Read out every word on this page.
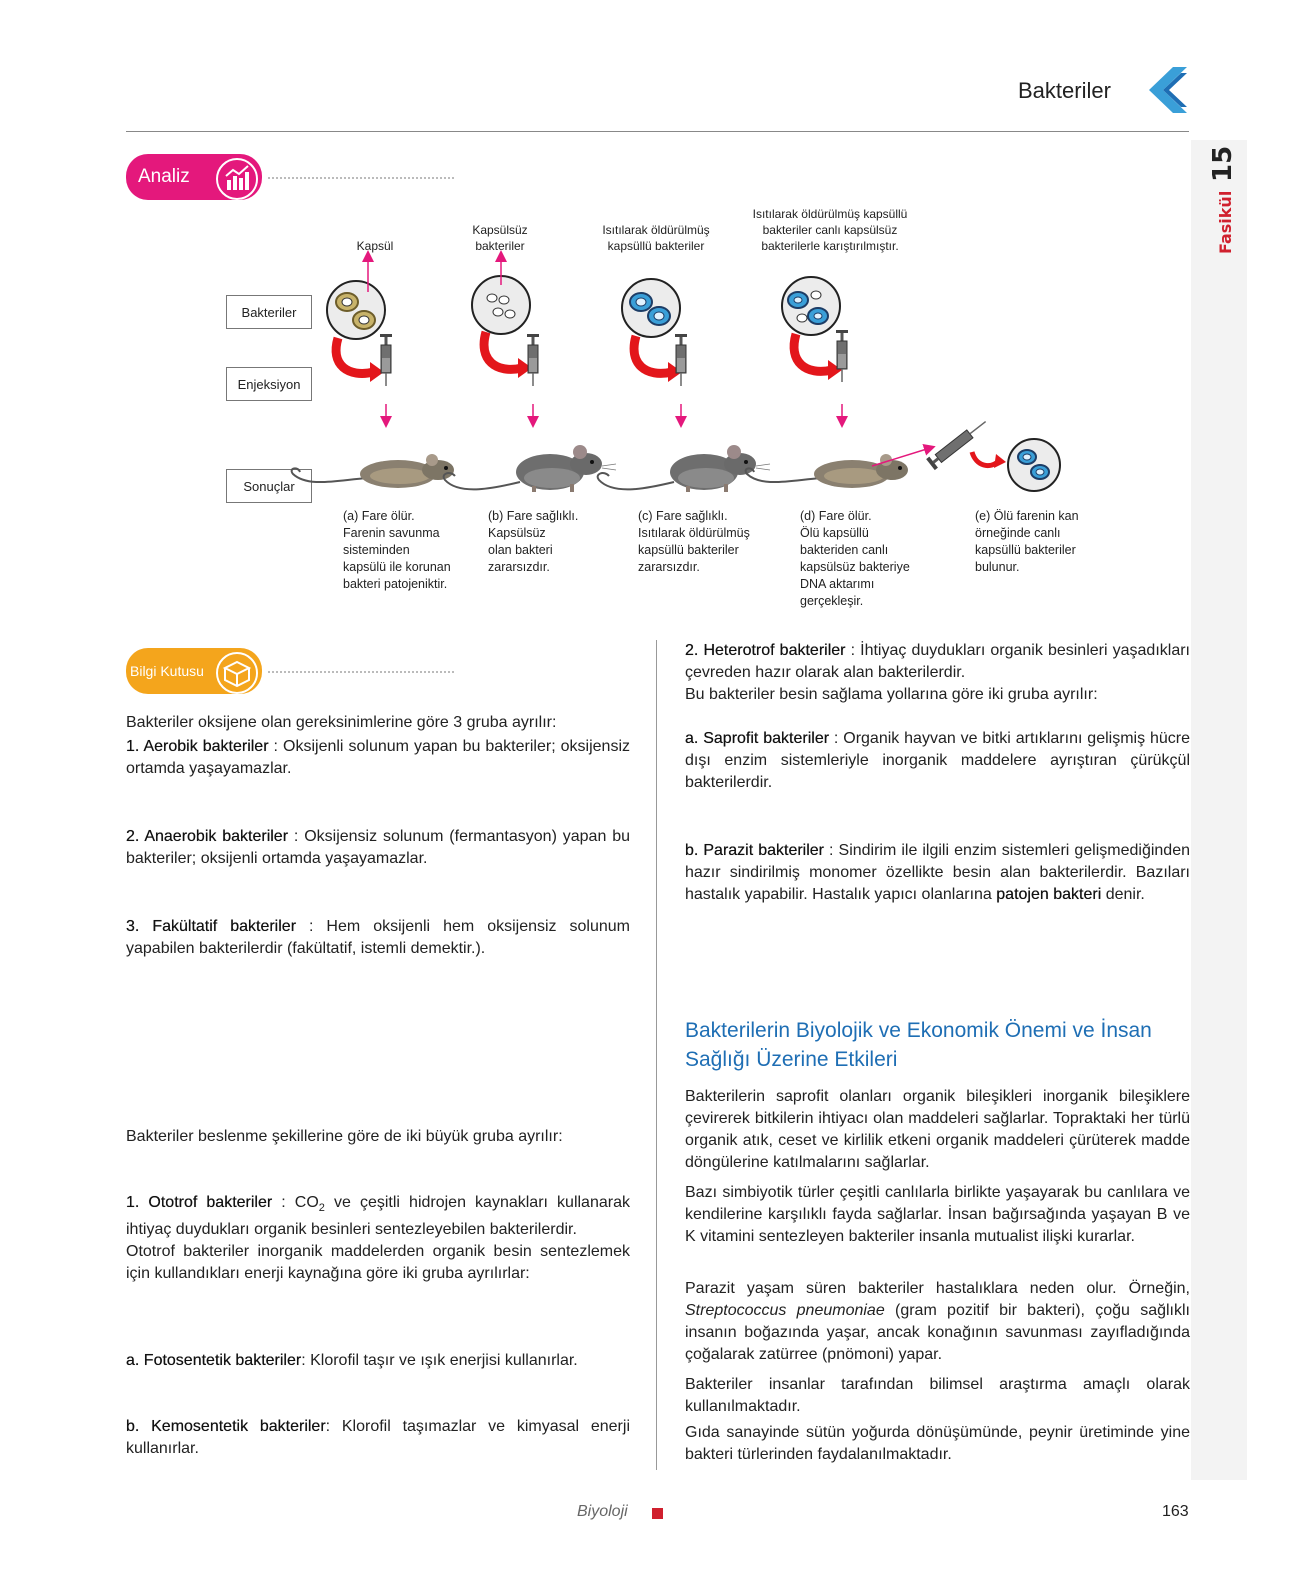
Bakteriler
15
Fasikül
Analiz
Kapsül
Kapsülsüz bakteriler
Isıtılarak öldürülmüş kapsüllü bakteriler
Isıtılarak öldürülmüş kapsüllü bakteriler canlı kapsülsüz bakterilerle karıştırılmıştır.
Bakteriler
Enjeksiyon
Sonuçlar
(a) Fare ölür.
Farenin savunma
sisteminden
kapsülü ile korunan
bakteri patojeniktir.
(b) Fare sağlıklı.
Kapsülsüz
olan bakteri
zararsızdır.
(c) Fare sağlıklı.
Isıtılarak öldürülmüş
kapsüllü bakteriler
zararsızdır.
(d) Fare ölür.
Ölü kapsüllü
bakteriden canlı
kapsülsüz bakteriye
DNA aktarımı
gerçekleşir.
(e) Ölü farenin kan
örneğinde canlı
kapsüllü bakteriler
bulunur.
Bilgi Kutusu
Bakteriler oksijene olan gereksinimlerine göre 3 gruba ayrılır:
1. Aerobik bakteriler : Oksijenli solunum yapan bu bakteriler; oksijensiz ortamda yaşayamazlar.
2. Anaerobik bakteriler : Oksijensiz solunum (fermantasyon) yapan bu bakteriler; oksijenli ortamda yaşayamazlar.
3. Fakültatif bakteriler : Hem oksijenli hem oksijensiz solunum yapabilen bakterilerdir (fakültatif, istemli demektir.).
Bakteriler beslenme şekillerine göre de iki büyük gruba ayrılır:
1. Ototrof bakteriler : $CO_2$ ve çeşitli hidrojen kaynakları kullanarak ihtiyaç duydukları organik besinleri sentezleyebilen bakterilerdir.
Ototrof bakteriler inorganik maddelerden organik besin sentezlemek için kullandıkları enerji kaynağına göre iki gruba ayrılırlar:
a. Fotosentetik bakteriler: Klorofil taşır ve ışık enerjisi kullanırlar.
b. Kemosentetik bakteriler: Klorofil taşımazlar ve kimyasal enerji kullanırlar.
2. Heterotrof bakteriler : İhtiyaç duydukları organik besinleri yaşadıkları çevreden hazır olarak alan bakterilerdir.
Bu bakteriler besin sağlama yollarına göre iki gruba ayrılır:
a. Saprofit bakteriler : Organik hayvan ve bitki artıklarını gelişmiş hücre dışı enzim sistemleriyle inorganik maddelere ayrıştıran çürükçül bakterilerdir.
b. Parazit bakteriler : Sindirim ile ilgili enzim sistemleri gelişmediğinden hazır sindirilmiş monomer özellikte besin alan bakterilerdir. Bazıları hastalık yapabilir. Hastalık yapıcı olanlarına patojen bakteri denir.
Bakterilerin Biyolojik ve Ekonomik Önemi ve İnsan Sağlığı Üzerine Etkileri
Bakterilerin saprofit olanları organik bileşikleri inorganik bileşiklere çevirerek bitkilerin ihtiyacı olan maddeleri sağlarlar. Topraktaki her türlü organik atık, ceset ve kirlilik etkeni organik maddeleri çürüterek madde döngülerine katılmalarını sağlarlar.
Bazı simbiyotik türler çeşitli canlılarla birlikte yaşayarak bu canlılara ve kendilerine karşılıklı fayda sağlarlar. İnsan bağırsağında yaşayan B ve K vitamini sentezleyen bakteriler insanla mutualist ilişki kurarlar.
Parazit yaşam süren bakteriler hastalıklara neden olur. Örneğin, Streptococcus pneumoniae (gram pozitif bir bakteri), çoğu sağlıklı insanın boğazında yaşar, ancak konağının savunması zayıfladığında çoğalarak zatürree (pnömoni) yapar.
Bakteriler insanlar tarafından bilimsel araştırma amaçlı olarak kullanılmaktadır.
Gıda sanayinde sütün yoğurda dönüşümünde, peynir üretiminde yine bakteri türlerinden faydalanılmaktadır.
Biyoloji	163
